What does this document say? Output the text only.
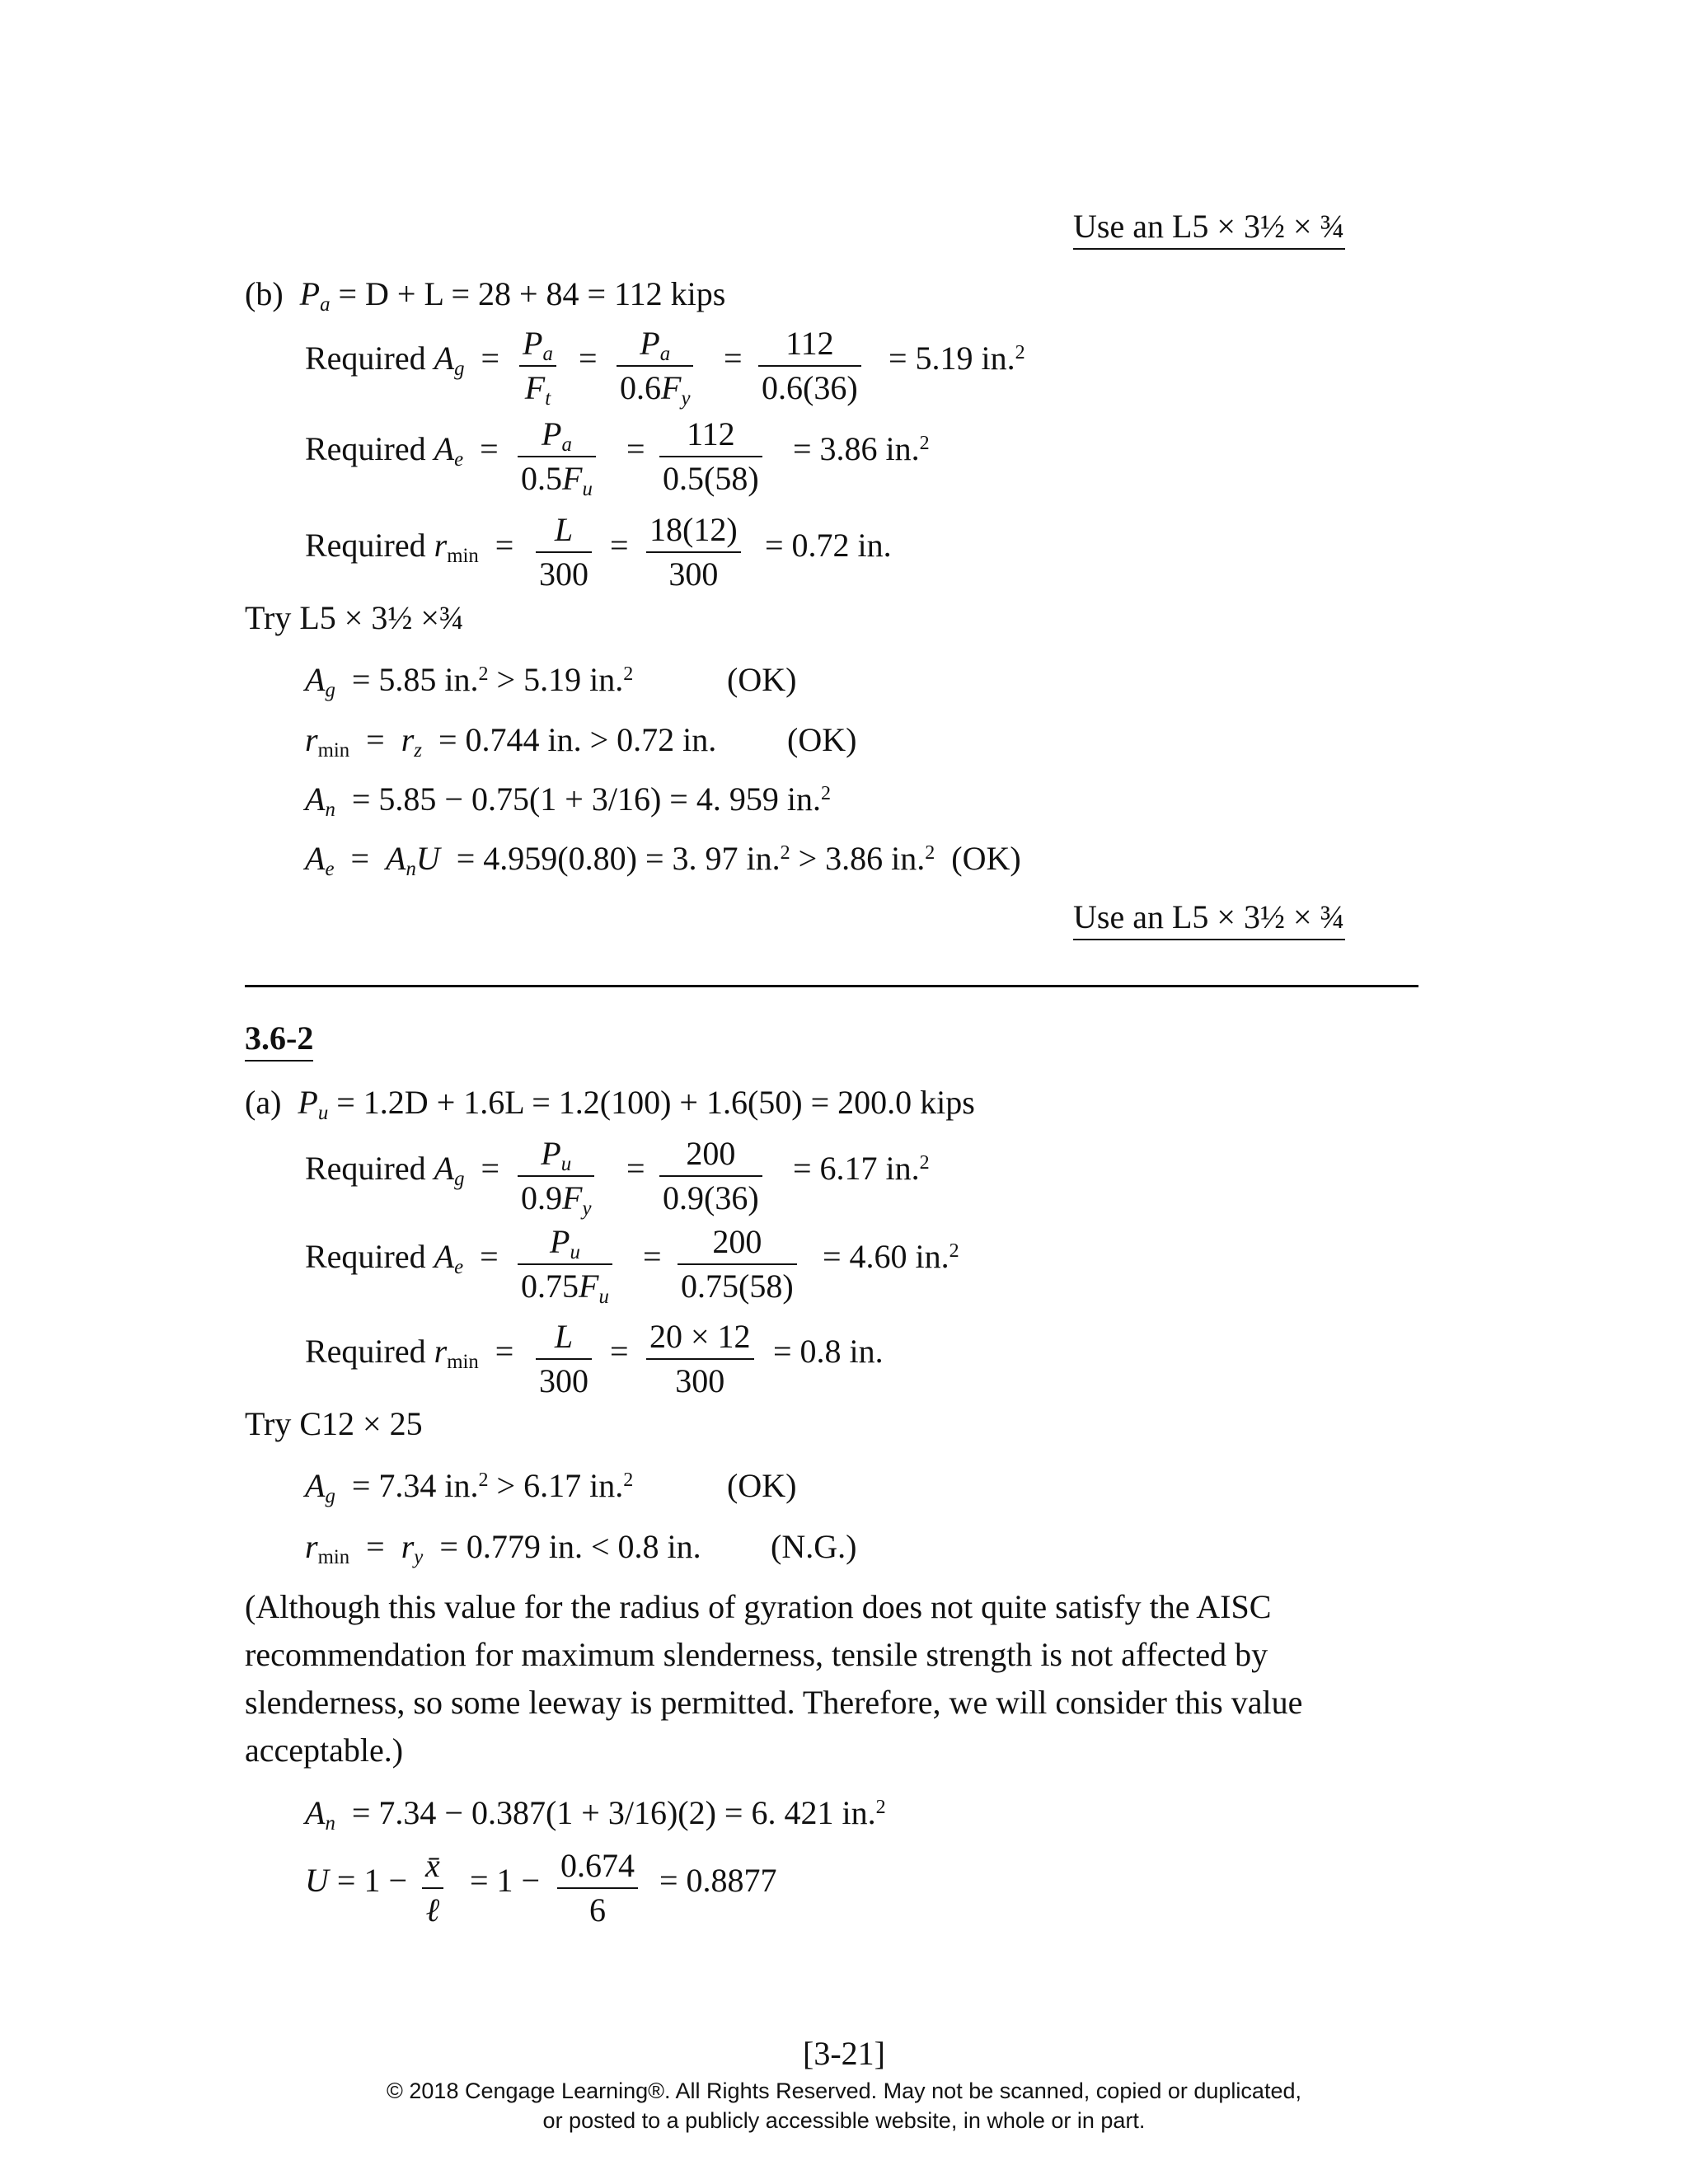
Use an L5 × 3½ × ¾
(b) $P_a = D + L = 28 + 84 = 112$ kips
Required $A_g = \frac{P_a}{F_t} = \frac{P_a}{0.6F_y} = \frac{112}{0.6(36)} = 5.19$ in.$^2$
Required $A_e = \frac{P_a}{0.5F_u} = \frac{112}{0.5(58)} = 3.86$ in.$^2$
Required $r_{min} = \frac{L}{300} = \frac{18(12)}{300} = 0.72$ in.
Try L5 × 3½ ×¾
$A_g = 5.85$ in.$^2$ > 5.19 in.$^2$	(OK)
$r_{min} = r_z = 0.744$ in. > 0.72 in. (OK)
$A_n = 5.85 - 0.75(1 + 3/16) = 4$. 959 in.$^2$
$A_e = A_nU = 4.959(0.80) = 3$. 97 in.$^2$ > 3.86 in.$^2$ (OK)
Use an L5 × 3½ × ¾
3.6-2
(a) $P_u = 1.2D + 1.6L = 1.2(100) + 1.6(50) = 200.0$ kips
Required $A_g = \frac{P_u}{0.9F_y} = \frac{200}{0.9(36)} = 6.17$ in.$^2$
Required $A_e = \frac{P_u}{0.75F_u} = \frac{200}{0.75(58)} = 4.60$ in.$^2$
Required $r_{min} = \frac{L}{300} = \frac{20 \times 12}{300} = 0.8$ in.
Try C12 × 25
$A_g = 7.34$ in.$^2$ > 6.17 in.$^2$	(OK)
$r_{min} = r_y = 0.779$ in. < 0.8 in. (N.G.)
(Although this value for the radius of gyration does not quite satisfy the AISC
recommendation for maximum slenderness, tensile strength is not affected by
slenderness, so some leeway is permitted. Therefore, we will consider this value
acceptable.)
$A_n = 7.34 - 0.387(1 + 3/16)(2) = 6$. 421 in.$^2$
U = 1 − x̄
ℓ
= $1 - \frac{0.674}{6} = 0.8877$
[3-21]
© 2018 Cengage Learning®. All Rights Reserved. May not be scanned, copied or duplicated,
or posted to a publicly accessible website, in whole or in part.
